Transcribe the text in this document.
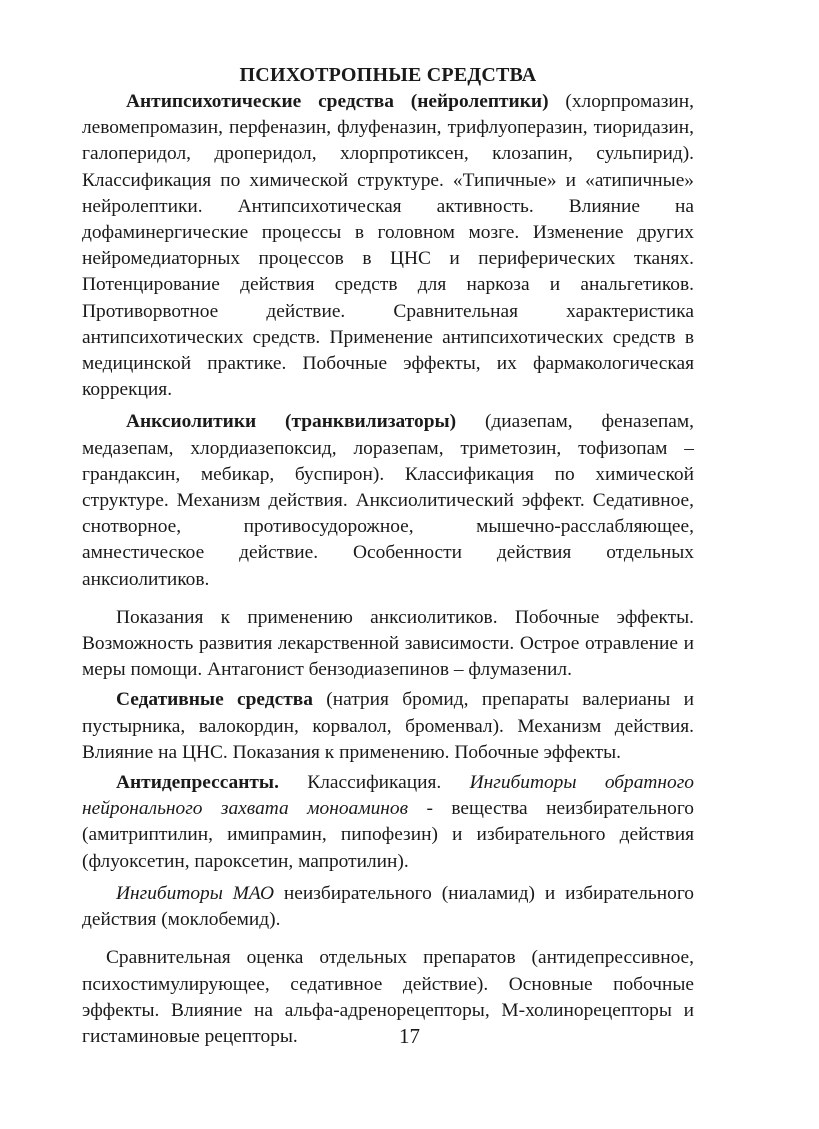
ПСИХОТРОПНЫЕ СРЕДСТВА

Антипсихотические средства (нейролептики) (хлорпромазин, левомепромазин, перфеназин, флуфеназин, трифлуоперазин, тиоридазин, галоперидол, дроперидол, хлорпротиксен, клозапин, сульпирид). Классификация по химической структуре. «Типичные» и «атипичные» нейролептики. Антипсихотическая активность. Влияние на дофаминергические процессы в головном мозге. Изменение других нейромедиаторных процессов в ЦНС и периферических тканях. Потенцирование действия средств для наркоза и анальгетиков. Противорвотное действие. Сравнительная характеристика антипсихотических средств. Применение антипсихотических средств в медицинской практике. Побочные эффекты, их фармакологическая коррекция.

Анксиолитики (транквилизаторы) (диазепам, феназепам, медазепам, хлордиазепоксид, лоразепам, триметозин, тофизопам – грандаксин, мебикар, буспирон). Классификация по химической структуре. Механизм действия. Анксиолитический эффект. Седативное, снотворное, противосудорожное, мышечно-расслабляющее, амнестическое действие. Особенности действия отдельных анксиолитиков.

Показания к применению анксиолитиков. Побочные эффекты. Возможность развития лекарственной зависимости. Острое отравление и меры помощи. Антагонист бензодиазепинов – флумазенил.

Седативные средства (натрия бромид, препараты валерианы и пустырника, валокордин, корвалол, броменвал). Механизм действия. Влияние на ЦНС. Показания к применению. Побочные эффекты.

Антидепрессанты. Классификация. Ингибиторы обратного нейронального захвата моноаминов - вещества неизбирательного (амитриптилин, имипрамин, пипофезин) и избирательного действия (флуоксетин, пароксетин, мапротилин).

Ингибиторы МАО неизбирательного (ниаламид) и избирательного действия (моклобемид).

Сравнительная оценка отдельных препаратов (антидепрессивное, психостимулирующее, седативное действие). Основные побочные эффекты. Влияние на альфа-адренорецепторы, М-холинорецепторы и гистаминовые рецепторы.	17
